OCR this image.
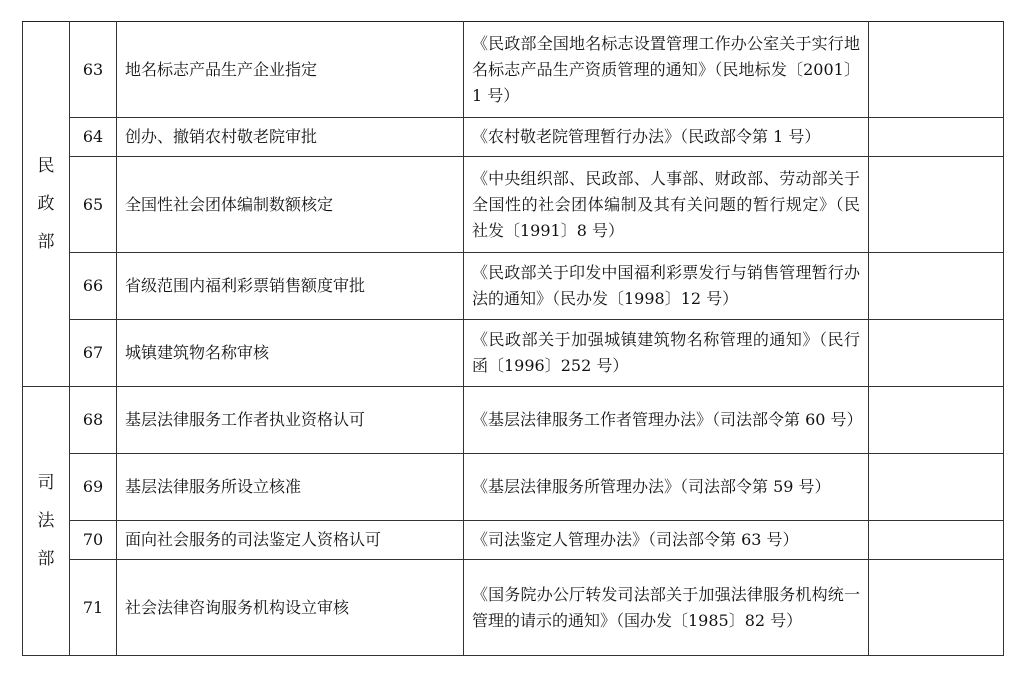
民
政
部	63	地名标志产品生产企业指定	《民政部全国地名标志设置管理工作办公室关于实行地名标志产品生产资质管理的通知》（民地标发〔2001〕1 号）	
	64	创办、撤销农村敬老院审批	《农村敬老院管理暂行办法》（民政部令第 1 号）	
	65	全国性社会团体编制数额核定	《中央组织部、民政部、人事部、财政部、劳动部关于全国性的社会团体编制及其有关问题的暂行规定》（民社发〔1991〕8 号）	
	66	省级范围内福利彩票销售额度审批	《民政部关于印发中国福利彩票发行与销售管理暂行办法的通知》（民办发〔1998〕12 号）	
	67	城镇建筑物名称审核	《民政部关于加强城镇建筑物名称管理的通知》（民行函〔1996〕252 号）	

司
法
部	68	基层法律服务工作者执业资格认可	《基层法律服务工作者管理办法》（司法部令第 60 号）	
	69	基层法律服务所设立核准	《基层法律服务所管理办法》（司法部令第 59 号）	
	70	面向社会服务的司法鉴定人资格认可	《司法鉴定人管理办法》（司法部令第 63 号）	
	71	社会法律咨询服务机构设立审核	《国务院办公厅转发司法部关于加强法律服务机构统一管理的请示的通知》（国办发〔1985〕82 号）	
